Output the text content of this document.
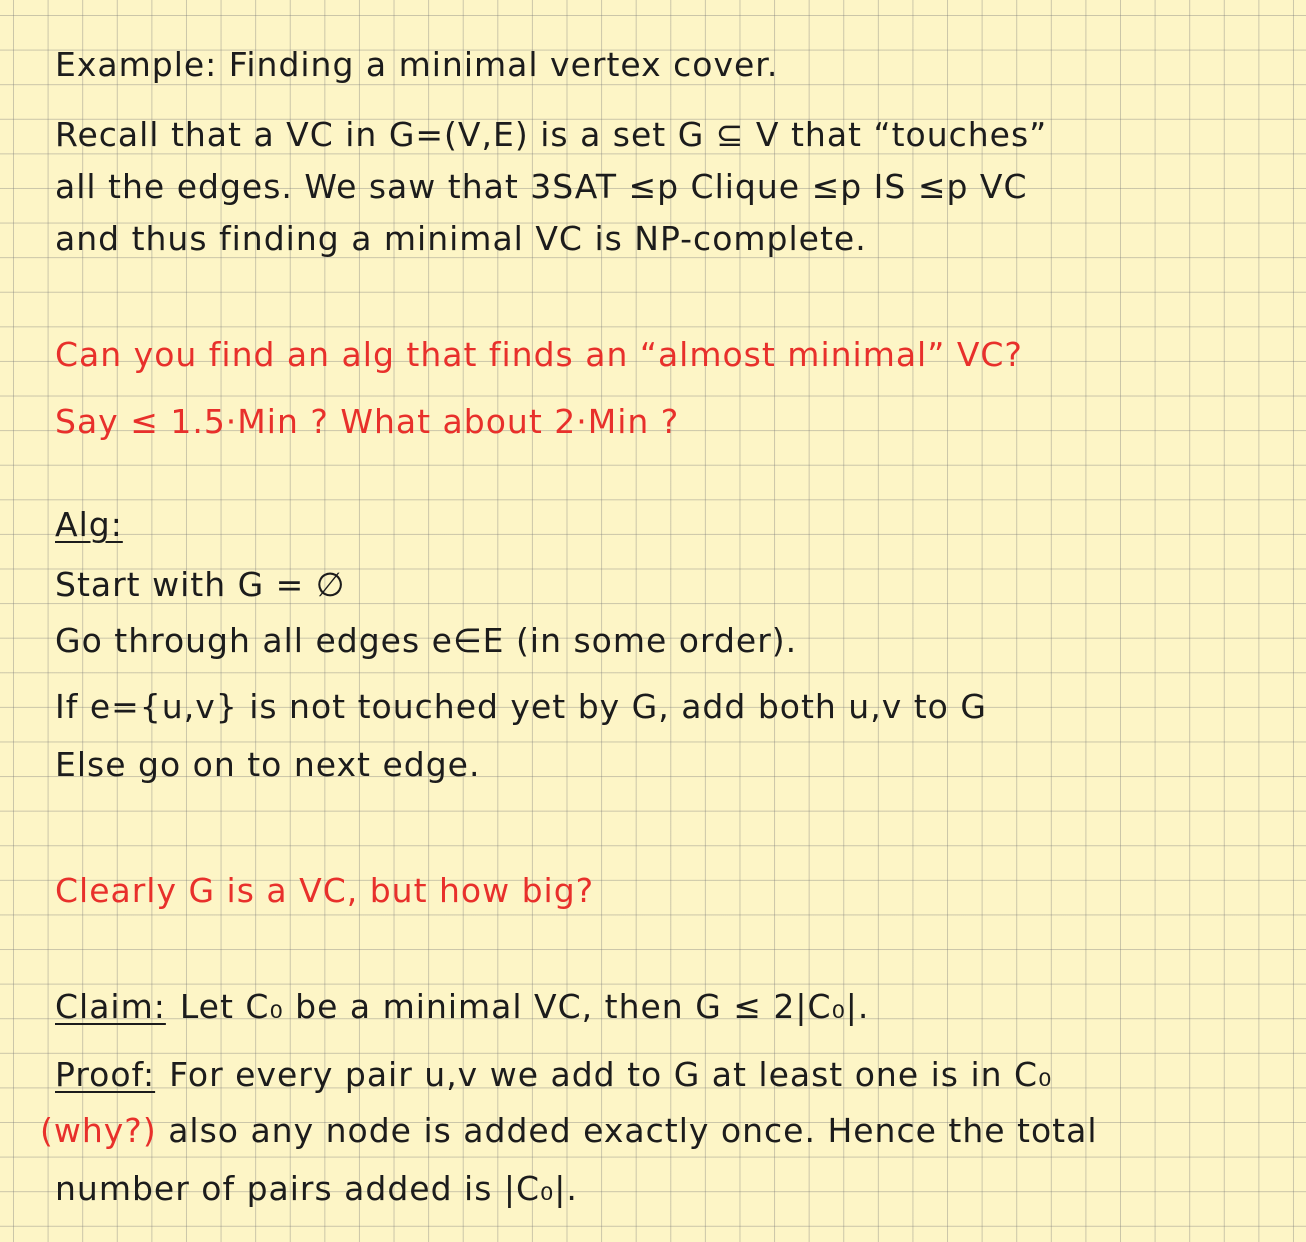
Example: Finding a minimal vertex cover.
Recall that a VC in G=(V,E) is a set G ⊆ V that “touches”
all the edges. We saw that 3SAT ≤p Clique ≤p IS ≤p VC
and thus finding a minimal VC is NP-complete.
Can you find an alg that finds an “almost minimal” VC?
Say ≤ 1.5·Min ? What about 2·Min ?
Alg:
Start with G = ∅
Go through all edges e∈E (in some order).
If e={u,v} is not touched yet by G, add both u,v to G
Else go on to next edge.
Clearly G is a VC, but how big?
Claim: Let C₀ be a minimal VC, then G ≤ 2|C₀|.
Proof: For every pair u,v we add to G at least one is in C₀
(why?) also any node is added exactly once. Hence the total
number of pairs added is |C₀|.
